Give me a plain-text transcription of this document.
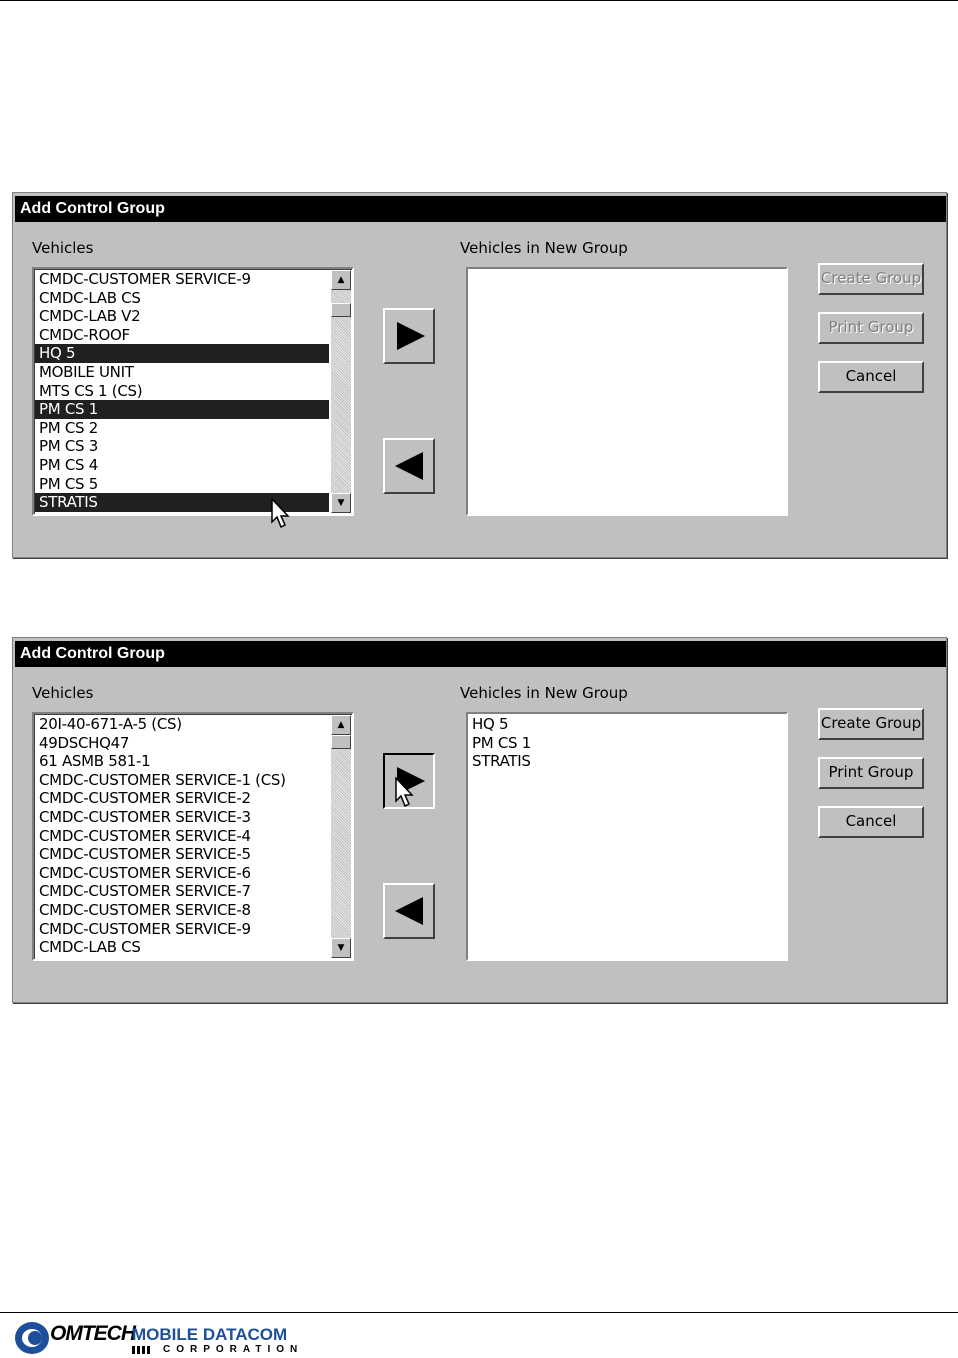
Add Control Group
Vehicles	Vehicles in New Group
CMDC-CUSTOMER SERVICE-9
CMDC-LAB CS
CMDC-LAB V2
CMDC-ROOF
HQ 5
MOBILE UNIT
MTS CS 1 (CS)
PM CS 1
PM CS 2
PM CS 3
PM CS 4
PM CS 5
STRATIS
▲
▼
Create Group
Print Group
Cancel
Add Control Group
Vehicles	Vehicles in New Group
20I-40-671-A-5 (CS)
49DSCHQ47
61 ASMB 581-1
CMDC-CUSTOMER SERVICE-1 (CS)
CMDC-CUSTOMER SERVICE-2
CMDC-CUSTOMER SERVICE-3
CMDC-CUSTOMER SERVICE-4
CMDC-CUSTOMER SERVICE-5
CMDC-CUSTOMER SERVICE-6
CMDC-CUSTOMER SERVICE-7
CMDC-CUSTOMER SERVICE-8
CMDC-CUSTOMER SERVICE-9
CMDC-LAB CS
▲
▼
HQ 5
PM CS 1
STRATIS
Create Group
Print Group
Cancel
OMTECH
MOBILE DATACOM
CORPORATION
